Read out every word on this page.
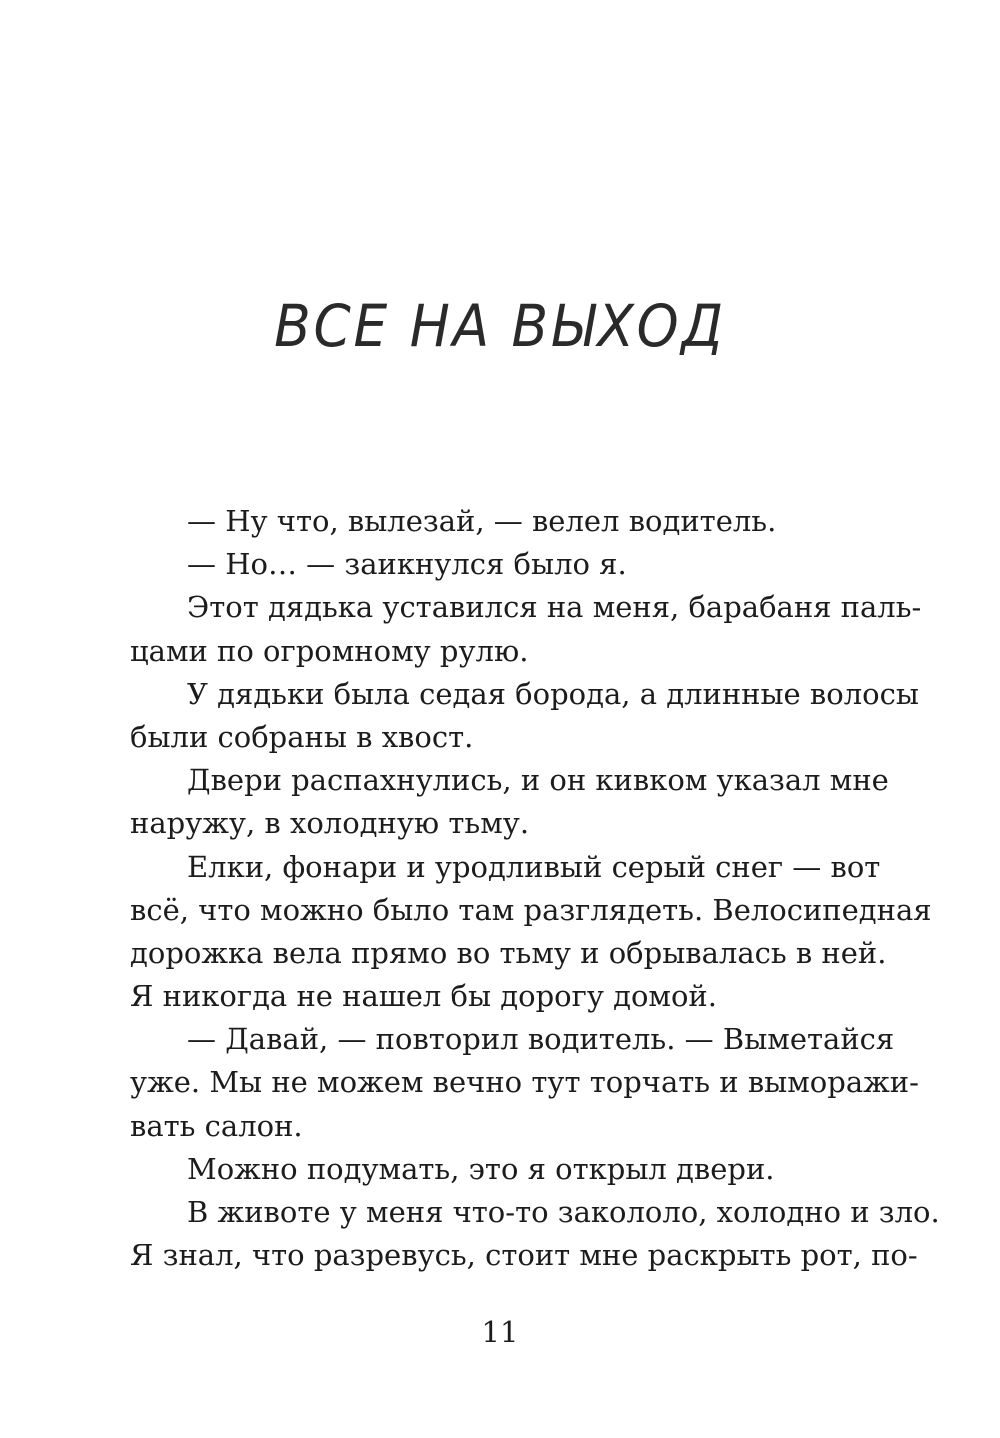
ВСЕ НА ВЫХОД
— Ну что, вылезай, — велел водитель.
— Но… — заикнулся было я.
Этот дядька уставился на меня, барабаня паль-
цами по огромному рулю.
У дядьки была седая борода, а длинные волосы
были собраны в хвост.
Двери распахнулись, и он кивком указал мне
наружу, в холодную тьму.
Елки, фонари и уродливый серый снег — вот
всё, что можно было там разглядеть. Велосипедная
дорожка вела прямо во тьму и обрывалась в ней.
Я никогда не нашел бы дорогу домой.
— Давай, — повторил водитель. — Выметайся
уже. Мы не можем вечно тут торчать и выморажи-
вать салон.
Можно подумать, это я открыл двери.
В животе у меня что-то закололо, холодно и зло.
Я знал, что разревусь, стоит мне раскрыть рот, по-
11
